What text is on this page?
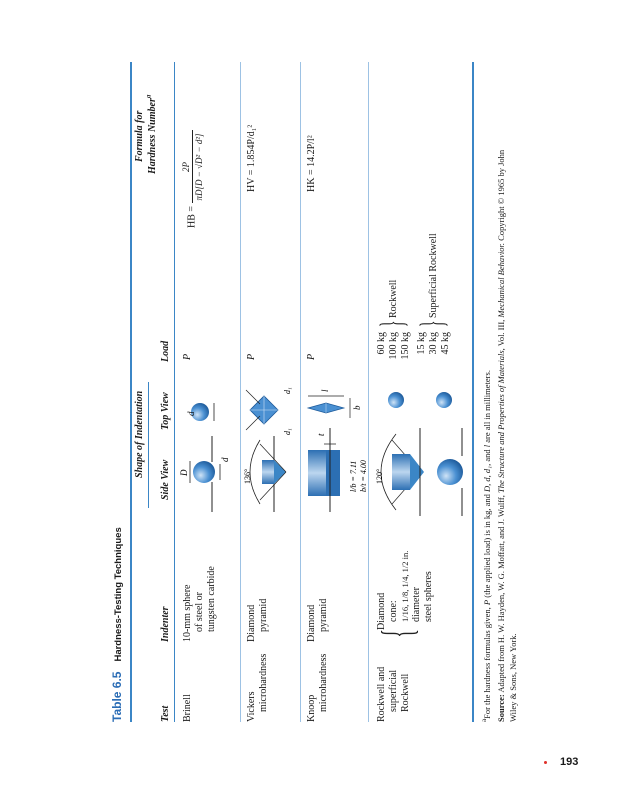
Table 6.5 Hardness-Testing Techniques
Test
Indenter
Shape of Indentation
Side View
Top View
Load
Formula for Hardness Number$^a$
Brinell
10-mm sphere of steel or tungsten carbide
D
d
d
P
HB =
2P πD[D − √D² − d²]
Vickers microhardness
Diamond pyramid
136°
d₁
d₁
P
HV = 1.854P/d₁²
Knoop microhardness
Diamond pyramid
t
l/b = 7.11 b/t = 4.00
l
b
P
HK = 14.2P/l²
Rockwell and superficial Rockwell
{
Diamond cone: 1/16, 1/8, 1/4, 1/2 in.
diameter steel spheres
120°
60 kg 100 kg 150 kg
}
Rockwell
15 kg 30 kg 45 kg
}
Superficial Rockwell
$^a$For the hardness formulas given, P (the applied load) is in kg, and D, d, d₁, and l are all in millimeters.
Source: Adapted from H. W. Hayden, W. G. Moffatt, and J. Wulff, The Structure and Properties of Materials, Vol. III, Mechanical Behavior. Copyright © 1965 by John
Wiley & Sons, New York.
193
